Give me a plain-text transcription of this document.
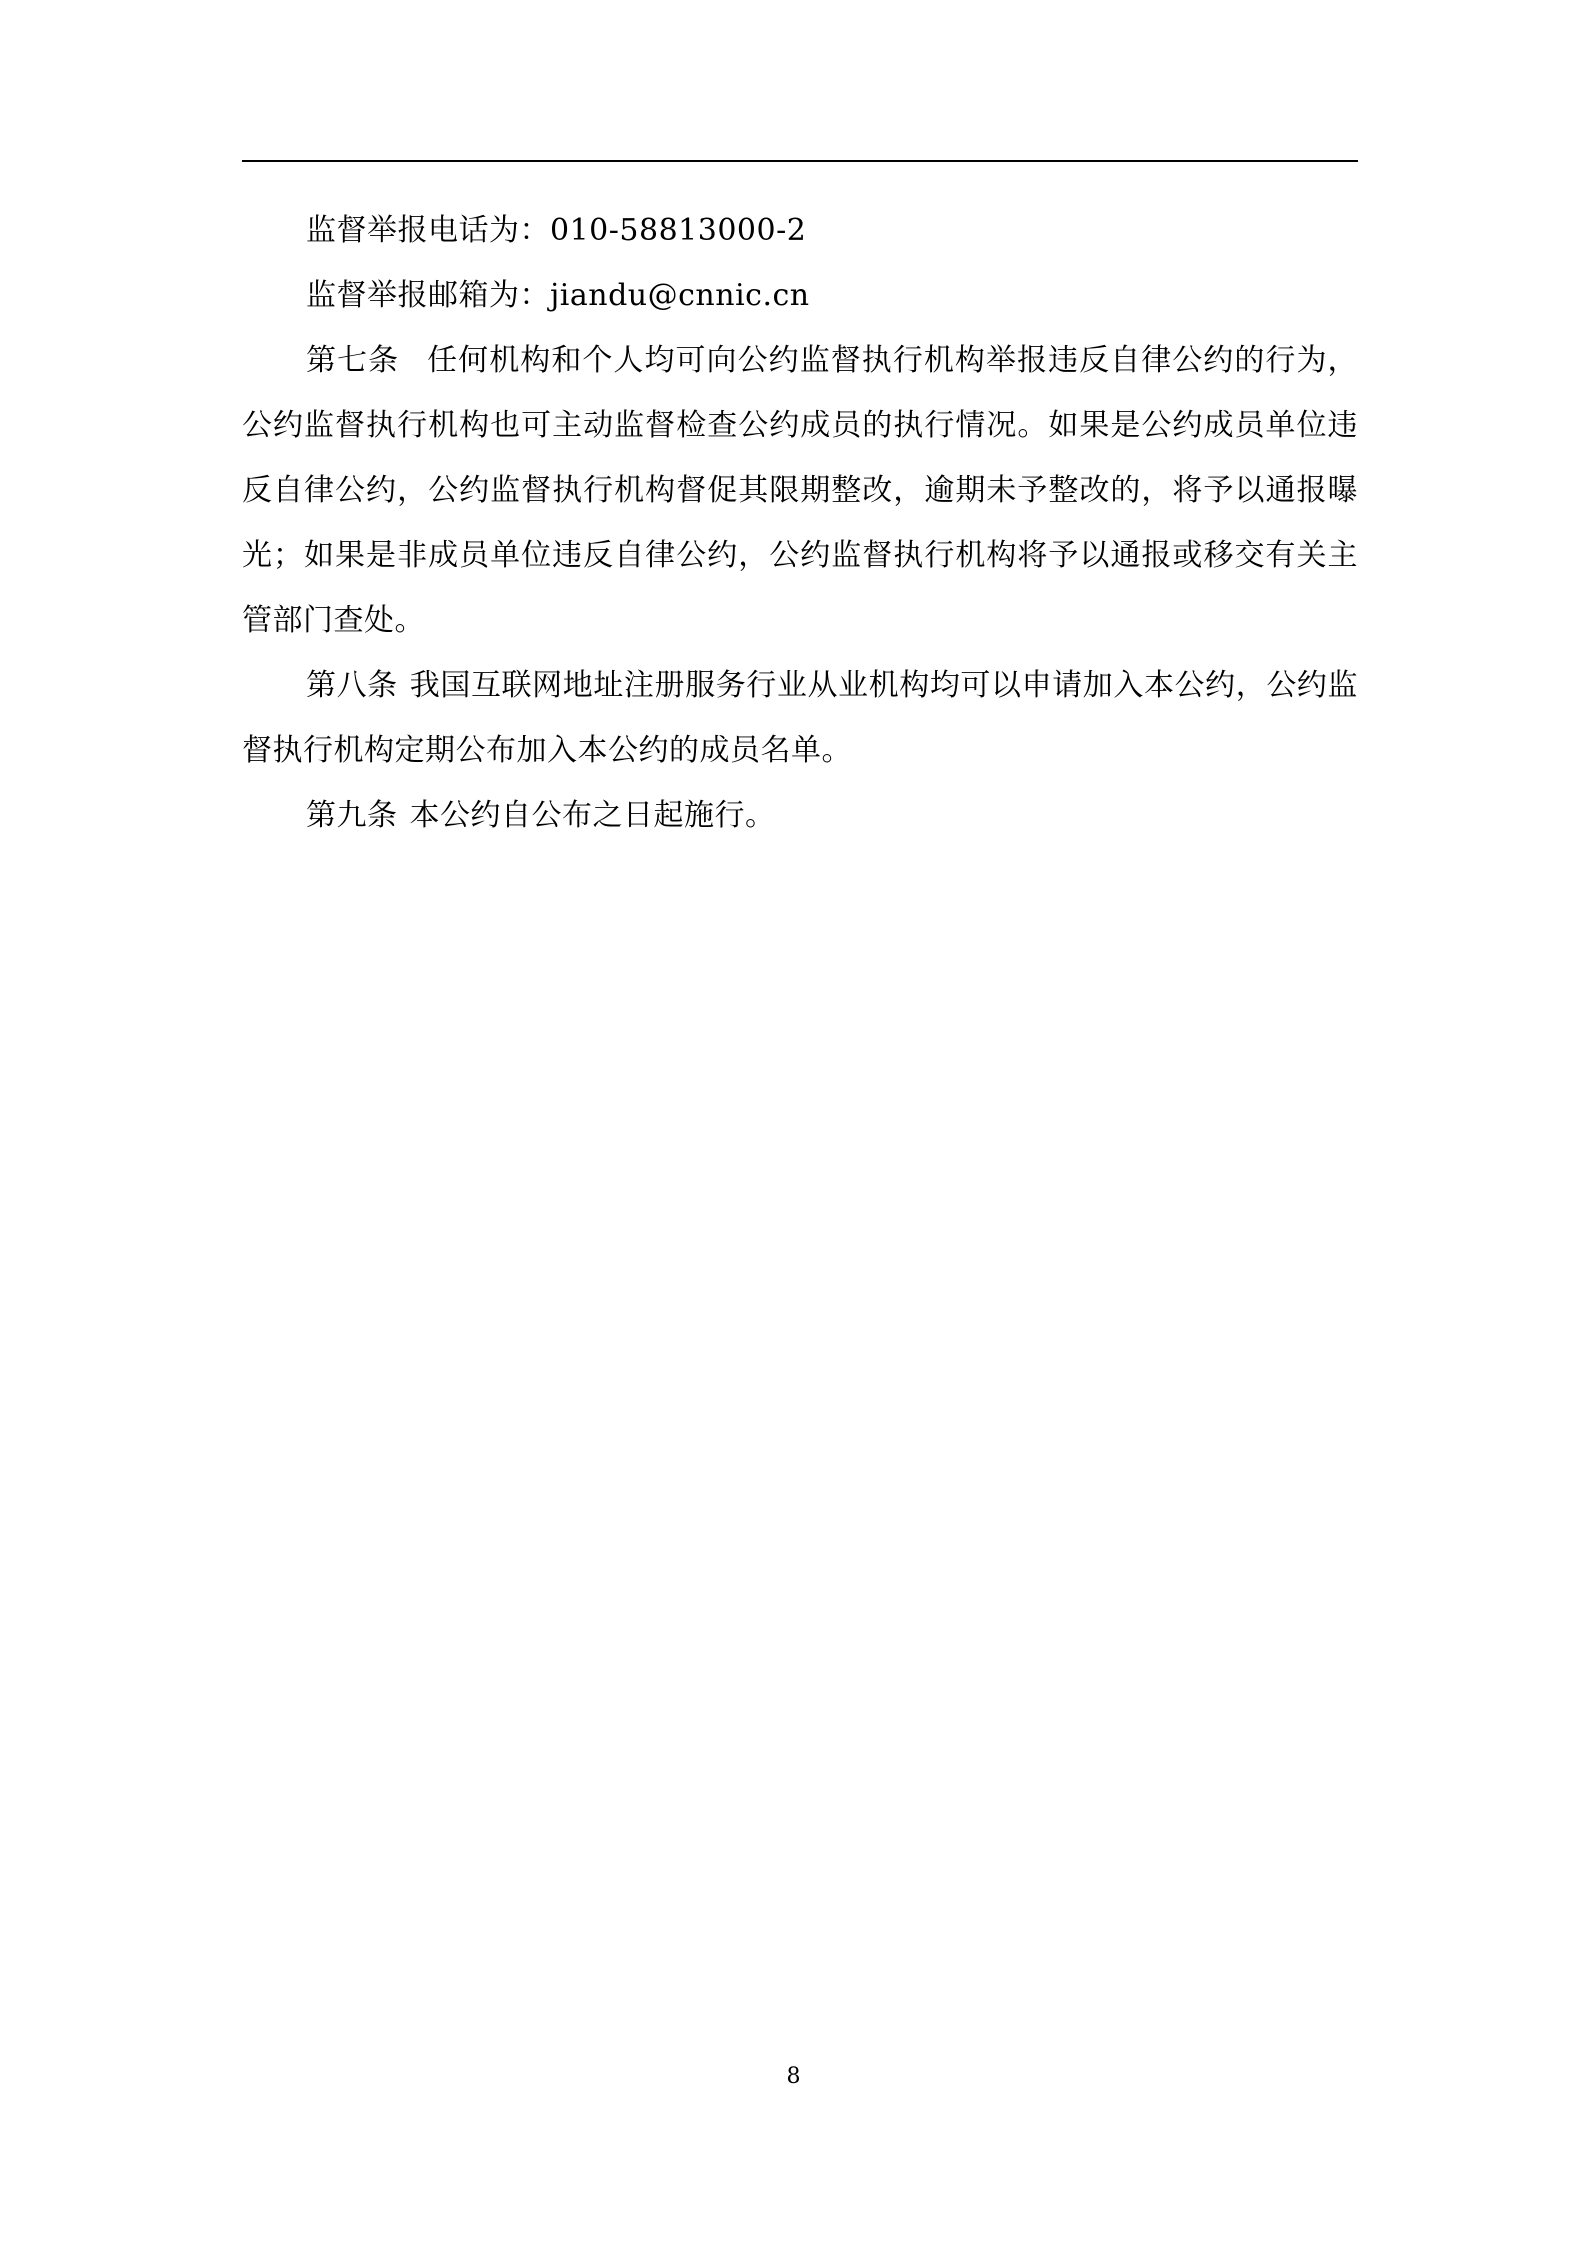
监督举报电话为：010-58813000-2

监督举报邮箱为：jiandu@cnnic.cn

第七条 任何机构和个人均可向公约监督执行机构举报违反自律公约的行为，公约监督执行机构也可主动监督检查公约成员的执行情况。如果是公约成员单位违反自律公约，公约监督执行机构督促其限期整改，逾期未予整改的，将予以通报曝光；如果是非成员单位违反自律公约，公约监督执行机构将予以通报或移交有关主管部门查处。

第八条 我国互联网地址注册服务行业从业机构均可以申请加入本公约，公约监督执行机构定期公布加入本公约的成员名单。

第九条 本公约自公布之日起施行。

8
